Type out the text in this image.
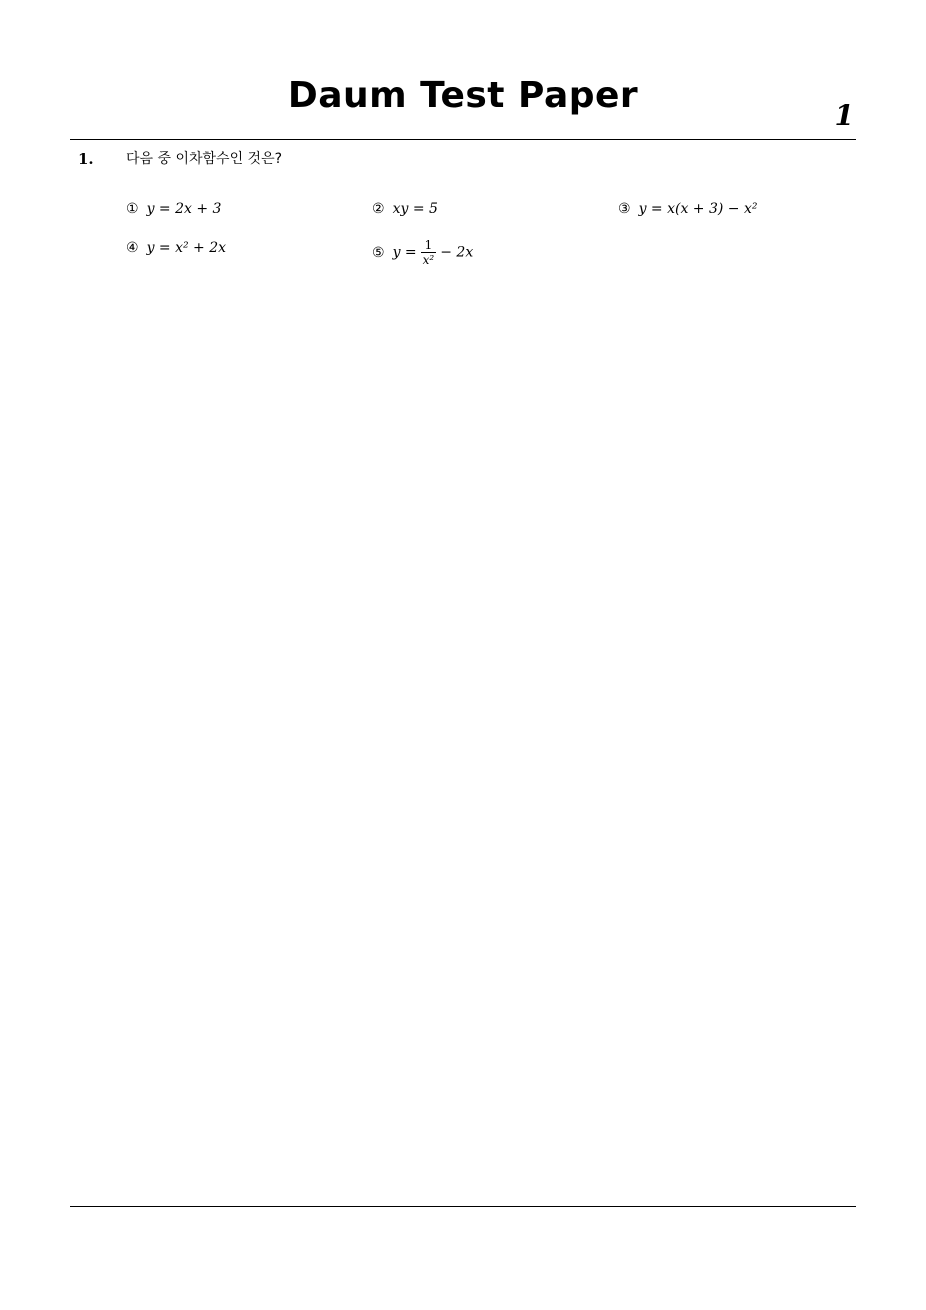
Daum Test Paper	1
1. 다음 중 이차함수인 것은?
① y = 2x + 3	② xy = 5	③ y = x(x + 3) − x²
④ y = x² + 2x	⑤ $y = \frac{1}{\text{x²}} - 2x$
